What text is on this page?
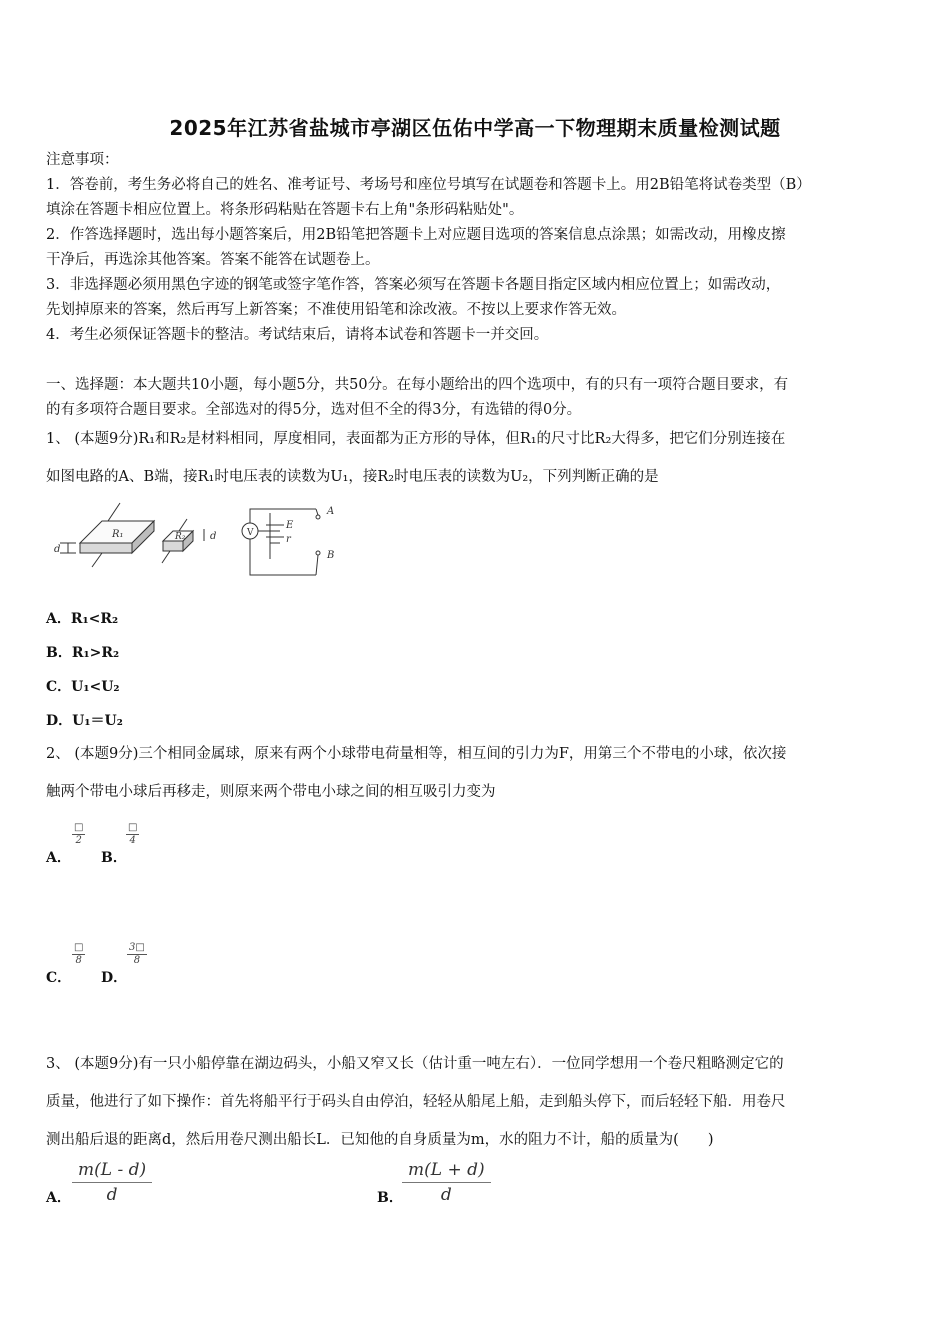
2025年江苏省盐城市亭湖区伍佑中学高一下物理期末质量检测试题
注意事项：
1．答卷前，考生务必将自己的姓名、准考证号、考场号和座位号填写在试题卷和答题卡上。用2B铅笔将试卷类型（B）
填涂在答题卡相应位置上。将条形码粘贴在答题卡右上角"条形码粘贴处"。
2．作答选择题时，选出每小题答案后，用2B铅笔把答题卡上对应题目选项的答案信息点涂黑；如需改动，用橡皮擦
干净后，再选涂其他答案。答案不能答在试题卷上。
3．非选择题必须用黑色字迹的钢笔或签字笔作答，答案必须写在答题卡各题目指定区域内相应位置上；如需改动，
先划掉原来的答案，然后再写上新答案；不准使用铅笔和涂改液。不按以上要求作答无效。
4．考生必须保证答题卡的整洁。考试结束后，请将本试卷和答题卡一并交回。
一、选择题：本大题共10小题，每小题5分，共50分。在每小题给出的四个选项中，有的只有一项符合题目要求，有
的有多项符合题目要求。全部选对的得5分，选对但不全的得3分，有选错的得0分。
1、 (本题9分)R₁和R₂是材料相同，厚度相同，表面都为正方形的导体，但R₁的尺寸比R₂大得多，把它们分别连接在
如图电路的A、B端，接R₁时电压表的读数为U₁，接R₂时电压表的读数为U₂，下列判断正确的是
R₁
d
R₂ d	V
E
r
A
B
A．R₁<R₂
B．R₁>R₂
C．U₁<U₂
D．U₁＝U₂
2、 (本题9分)三个相同金属球，原来有两个小球带电荷量相等，相互间的引力为F，用第三个不带电的小球，依次接
触两个带电小球后再移走，则原来两个带电小球之间的相互吸引力变为
A．
□
2
B．
□
4
C．
□
8
D．
$\frac{3□}{8}$
3、 (本题9分)有一只小船停靠在湖边码头，小船又窄又长（估计重一吨左右）．一位同学想用一个卷尺粗略测定它的
质量，他进行了如下操作：首先将船平行于码头自由停泊，轻轻从船尾上船，走到船头停下，而后轻轻下船．用卷尺
测出船后退的距离d，然后用卷尺测出船长L．已知他的自身质量为m，水的阻力不计，船的质量为(　　)
A． $\frac{m(L - d)}{d}$	B． $\frac{m(L + d)}{d}$
